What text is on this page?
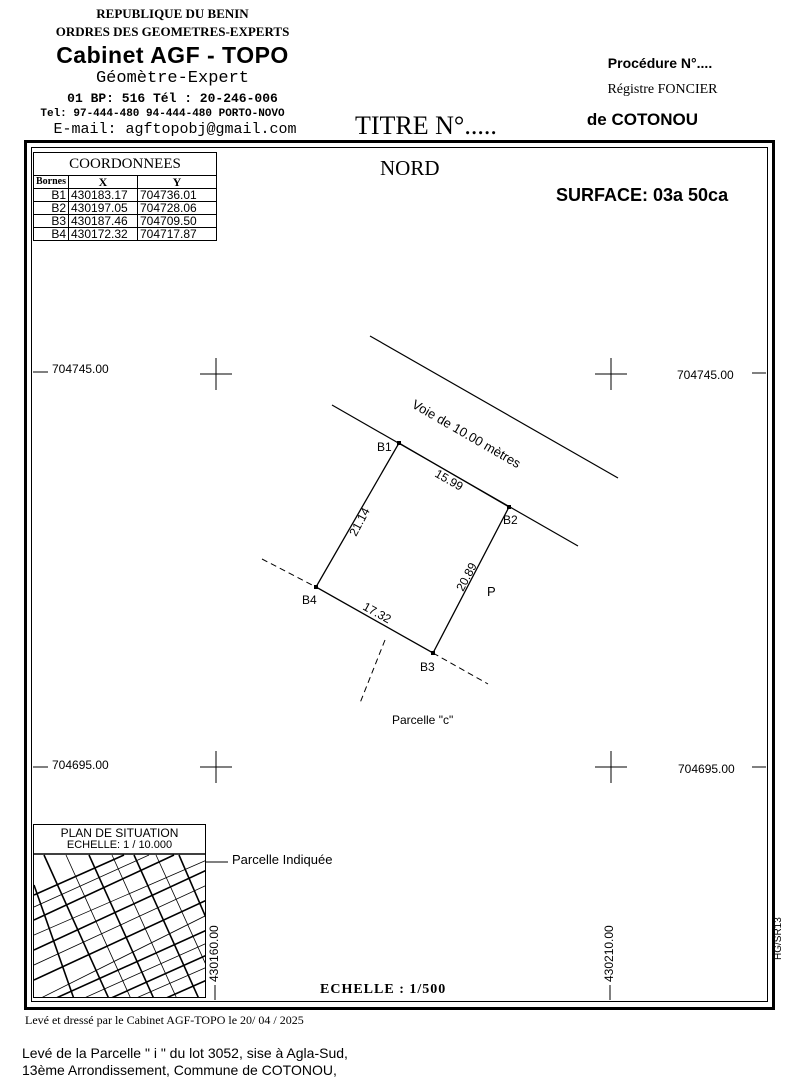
REPUBLIQUE DU BENIN
ORDRES DES GEOMETRES-EXPERTS
Cabinet AGF - TOPO
Géomètre-Expert
01 BP: 516 Tél : 20-246-006
Tel: 97-444-480 94-444-480 PORTO-NOVO
E-mail: agftopobj@gmail.com	TITRE N°.....
Procédure N°....
Régistre FONCIER
de COTONOU
Voie de 10.00 mètres
15.99
21.14
20.89
17.32
B1
B2
B3
B4
P
Parcelle "c"
704745.00	704745.00
704695.00	704695.00
430160.00	430210.00
COORDONNEES		
Bornes	X	Y
B1	430183.17	704736.01
B2	430197.05	704728.06
B3	430187.46	704709.50
B4	430172.32	704717.87
NORD
SURFACE: 03a 50ca
PLAN DE SITUATION
ECHELLE: 1 / 10.000
Parcelle Indiquée
ECHELLE : 1/500
HG/SR13
Levé et dressé par le Cabinet AGF-TOPO le 20/ 04 / 2025
Levé de la Parcelle " i " du lot 3052, sise à Agla-Sud,
13ème Arrondissement, Commune de COTONOU,
